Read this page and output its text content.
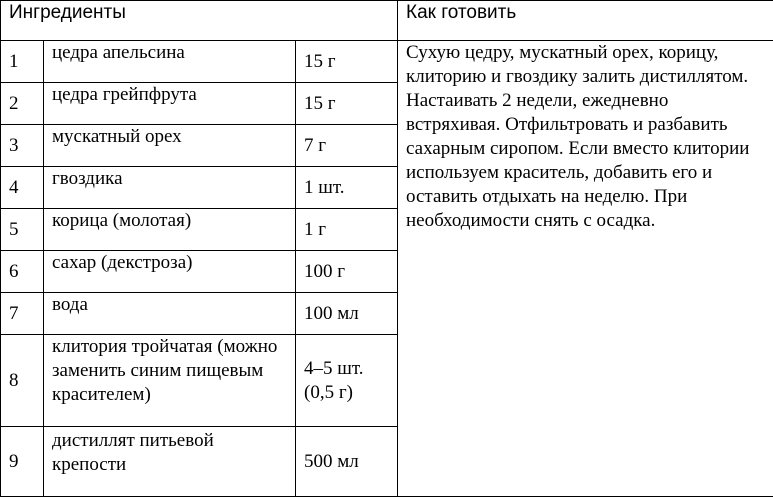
Ингредиенты			Как готовить
1	цедра апельсина	15 г	Сухую цедру, мускатный орех, корицу, клиторию и гвоздику залить дистиллятом. Настаивать 2 недели, ежедневно встряхивая. Отфильтровать и разбавить сахарным сиропом. Если вместо клитории используем краситель, добавить его и оставить отдыхать на неделю. При необходимости снять с осадка.
2	цедра грейпфрута	15 г	
3	мускатный орех	7 г	
4	гвоздика	1 шт.	
5	корица (молотая)	1 г	
6	сахар (декстроза)	100 г	
7	вода	100 мл	
8	клитория тройчатая (можно заменить синим пищевым красителем)	4–5 шт. (0,5 г)	
9	дистиллят питьевой крепости	500 мл	
